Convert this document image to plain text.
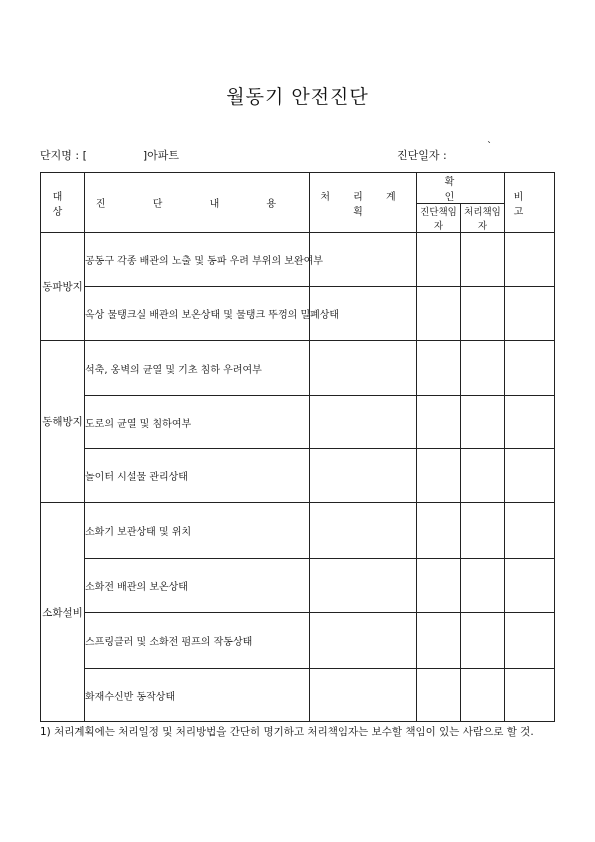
월동기 안전진단
단지명 : [	]아파트	진단일자 :
`
대 상	진 단 내 용	처 리 계 획	확 인		비 고
			진단책임자	처리책임자	
동파방지	공동구 각종 배관의 노출 및 동파 우려 부위의 보완여부				
	옥상 물탱크실 배관의 보온상태 및 물탱크 뚜껑의 밀폐상태				
동해방지	석축, 옹벽의 균열 및 기초 침하 우려여부				
	도로의 균열 및 침하여부				
	놀이터 시설물 관리상태				
소화설비	소화기 보관상태 및 위치				
	소화전 배관의 보온상태				
	스프링클러 및 소화전 펌프의 작동상태				
	화재수신반 동작상태				
1) 처리계획에는 처리일정 및 처리방법을 간단히 명기하고 처리책임자는 보수할 책임이 있는 사람으로 할 것.
